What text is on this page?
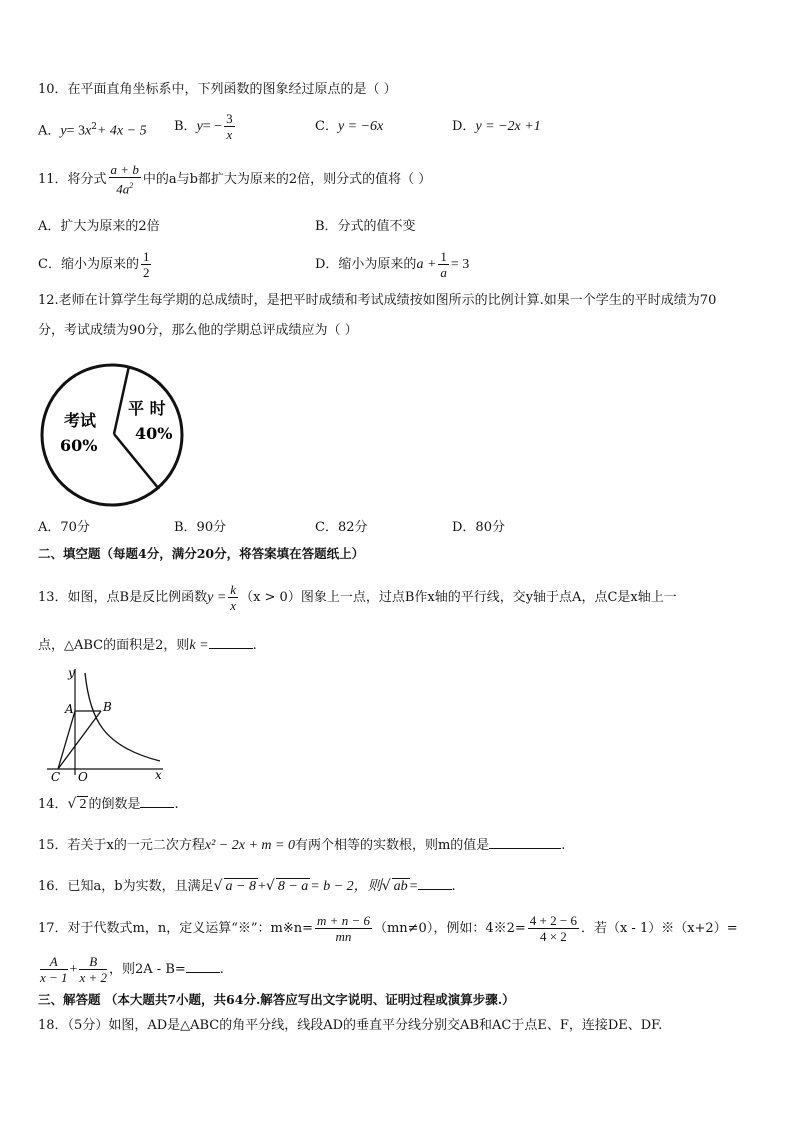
10．在平面直角坐标系中，下列函数的图象经过原点的是（ ）
A．$y= 3x^2+ 4x - 5$ B．$y= - \frac{3}{x}$	C．y = −6x	D．y = −2x +1
11．将分式 $\frac{a + b}{4a^2}$ 中的a与b都扩大为原来的2倍，则分式的值将（ ）
A．扩大为原来的2倍	B．分式的值不变
C．缩小为原来的 $\frac{1}{2}$	D．缩小为原来的$a + \frac{1}{a} = 3$
12.老师在计算学生每学期的总成绩时，是把平时成绩和考试成绩按如图所示的比例计算.如果一个学生的平时成绩为70
分，考试成绩为90分，那么他的学期总评成绩应为（ ）
考试
60%
平 时
40%
A．70分	B．90分	C．82分	D．80分
二、填空题（每题4分，满分20分，将答案填在答题纸上）
13．如图，点B是反比例函数$y = \frac{k}{x} (x > 0)$图象上一点，过点B作x轴的平行线，交y轴于点A，点C是x轴上一
点，△ABC的面积是2，则k =	.
y
x
A B
C O
14．√ 2 的倒数是	.
15．若关于x的一元二次方程x² − 2x + m = 0有两个相等的实数根，则m的值是	.
16．已知a，b为实数，且满足√ a − 8 +√ 8 − a = b − 2，则√ ab =	.
17．对于代数式m，n，定义运算“※”：m※n= $\frac{m + n - 6}{mn} (mn\ne 0)$，例如：4※2= $\frac{4 + 2 - 6}{4 \times 2}$ ．若（x - 1）※（x+2）=
$\frac{A}{x - 1} + \frac{B}{x + 2}$ ，则2A - B=	.
三、解答题 （本大题共7小题，共64分.解答应写出文字说明、证明过程或演算步骤.）
18．（5分）如图，AD是△ABC的角平分线，线段AD的垂直平分线分别交AB和AC于点E、F，连接DE、DF.
